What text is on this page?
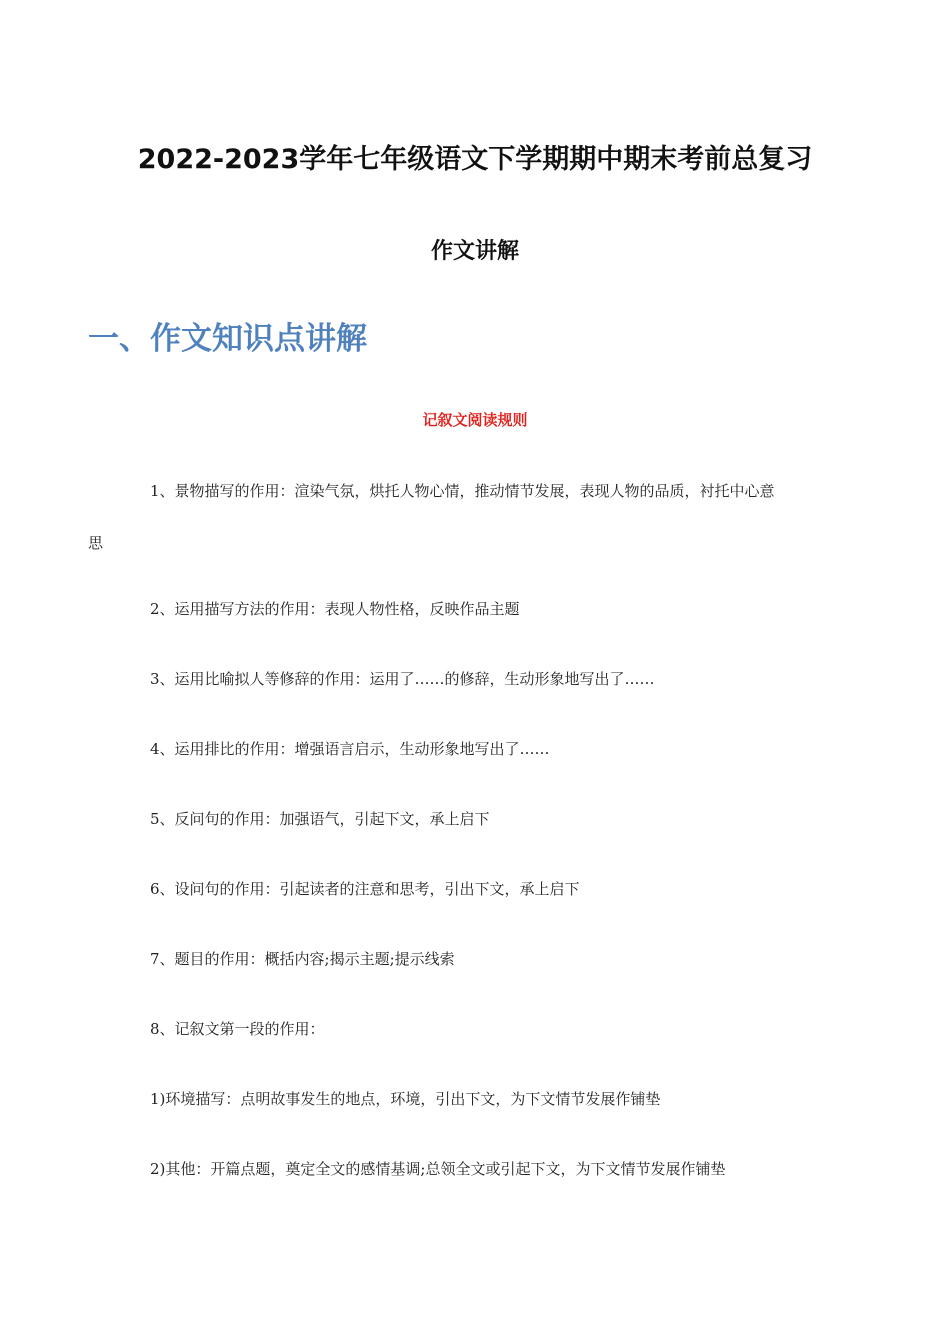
2022-2023学年七年级语文下学期期中期末考前总复习
作文讲解
一、作文知识点讲解
记叙文阅读规则

1、景物描写的作用：渲染气氛，烘托人物心情，推动情节发展，表现人物的品质，衬托中心意
思

2、运用描写方法的作用：表现人物性格，反映作品主题

3、运用比喻拟人等修辞的作用：运用了……的修辞，生动形象地写出了……

4、运用排比的作用：增强语言启示，生动形象地写出了……

5、反问句的作用：加强语气，引起下文，承上启下

6、设问句的作用：引起读者的注意和思考，引出下文，承上启下

7、题目的作用：概括内容;揭示主题;提示线索

8、记叙文第一段的作用：

1)环境描写：点明故事发生的地点，环境，引出下文，为下文情节发展作铺垫

2)其他：开篇点题，奠定全文的感情基调;总领全文或引起下文，为下文情节发展作铺垫
